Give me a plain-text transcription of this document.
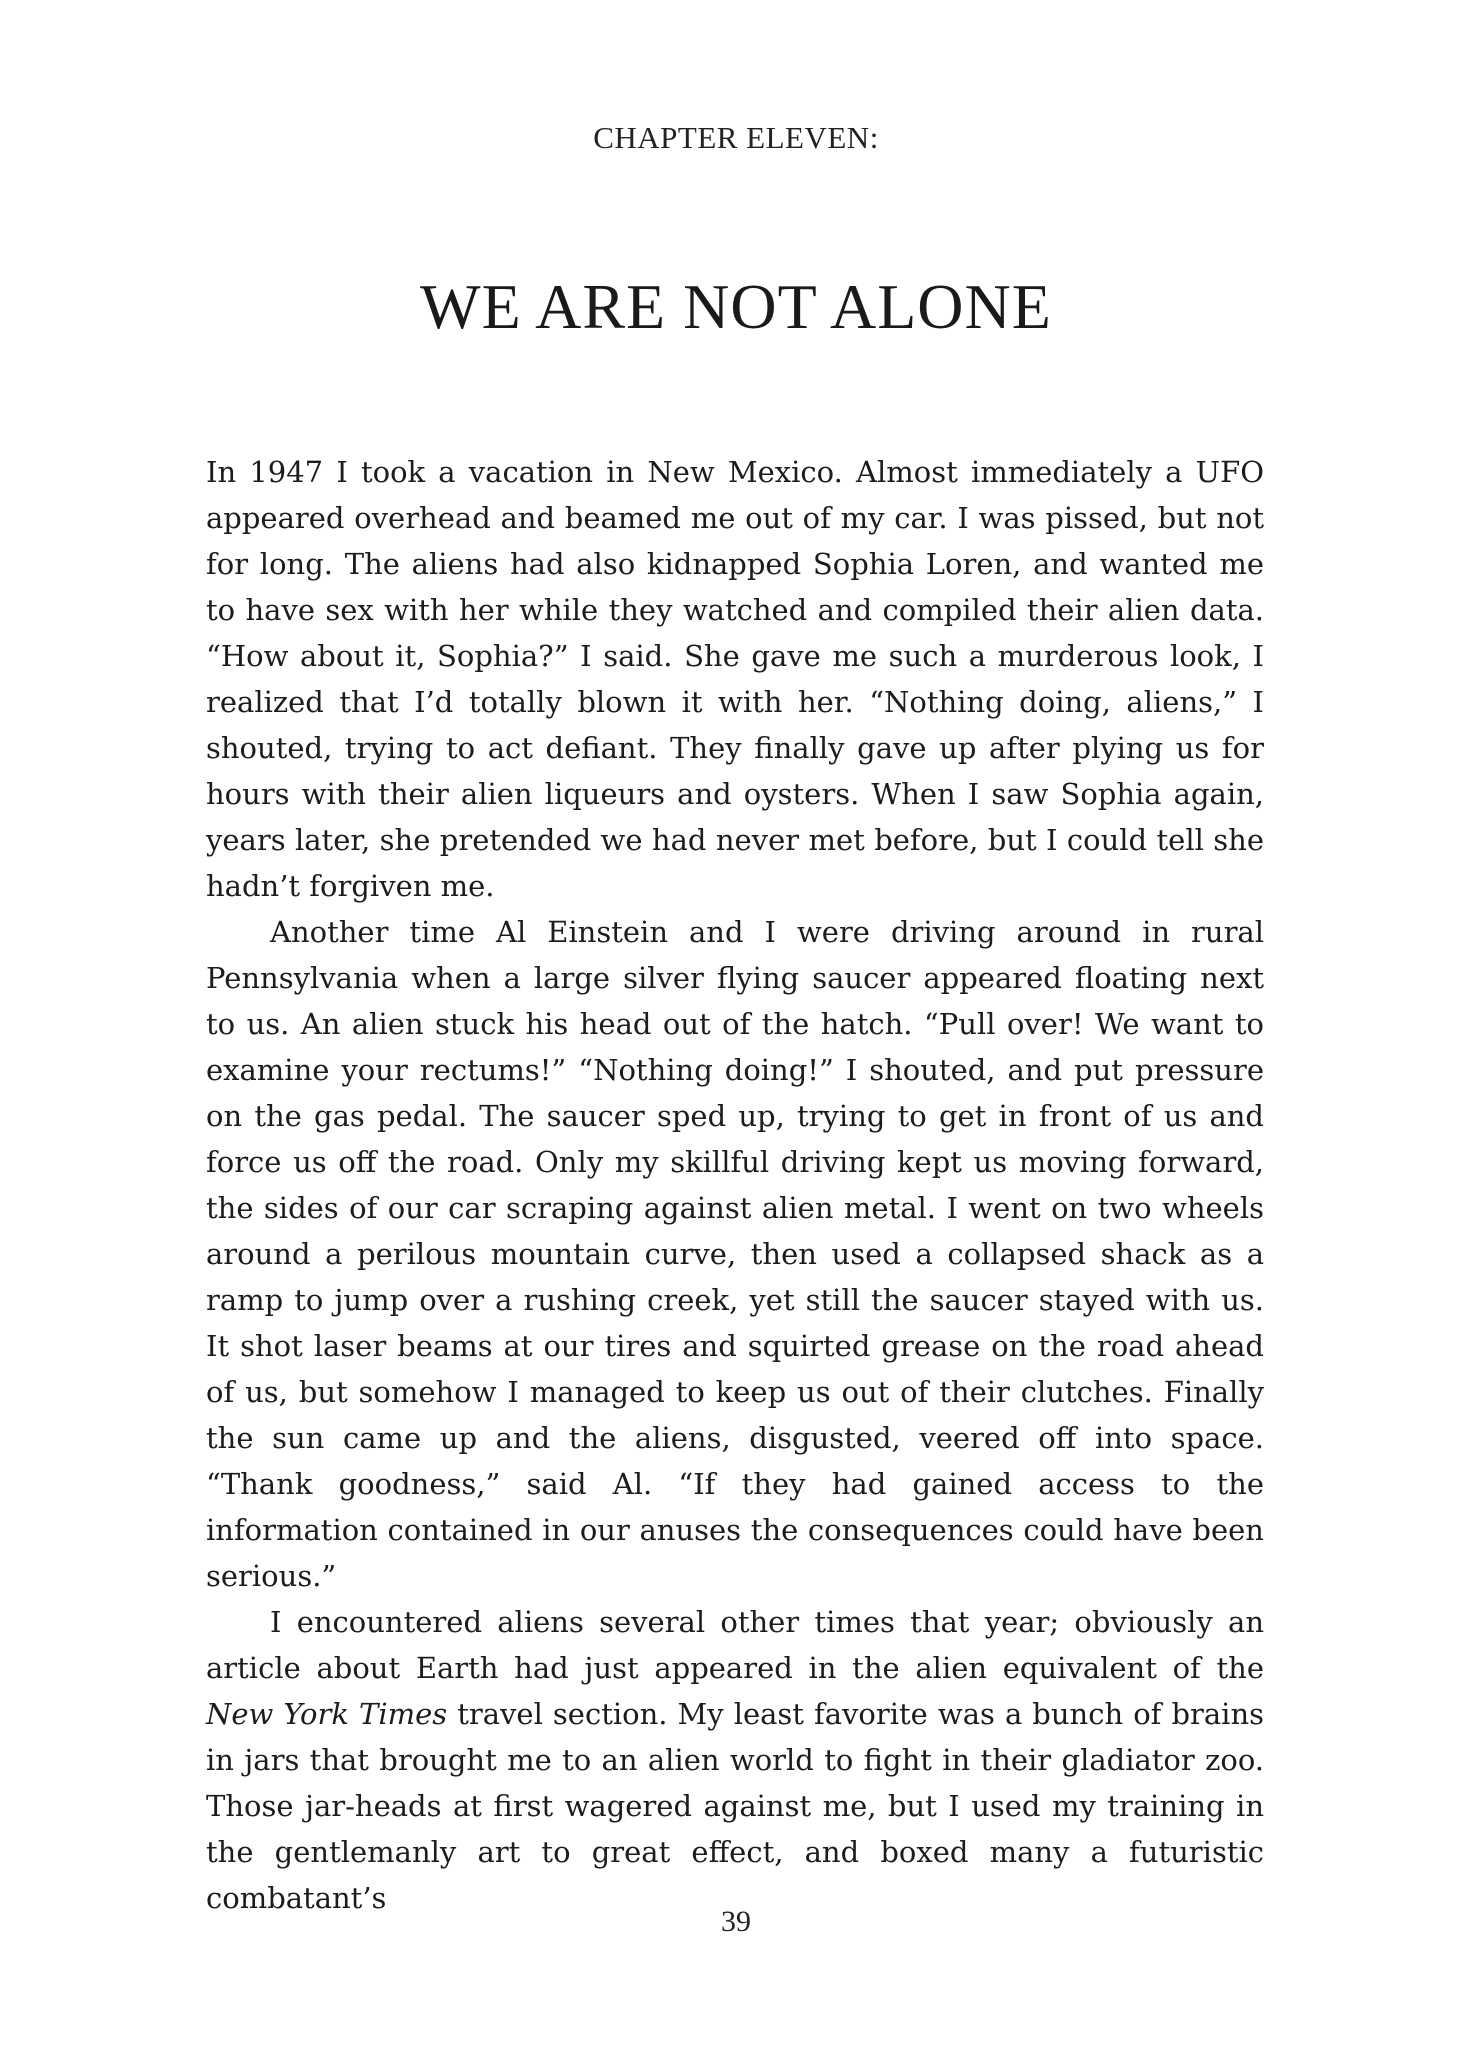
CHAPTER ELEVEN:
WE ARE NOT ALONE

In 1947 I took a vacation in New Mexico. Almost immediately a UFO appeared overhead and beamed me out of my car. I was pissed, but not for long. The aliens had also kidnapped Sophia Loren, and wanted me to have sex with her while they watched and compiled their alien data. “How about it, Sophia?” I said. She gave me such a murderous look, I realized that I’d totally blown it with her. “Nothing doing, aliens,” I shouted, trying to act defiant. They finally gave up after plying us for hours with their alien liqueurs and oysters. When I saw Sophia again, years later, she pretended we had never met before, but I could tell she hadn’t forgiven me.

Another time Al Einstein and I were driving around in rural Pennsylvania when a large silver flying saucer appeared floating next to us. An alien stuck his head out of the hatch. “Pull over! We want to examine your rectums!” “Nothing doing!” I shouted, and put pressure on the gas pedal. The saucer sped up, trying to get in front of us and force us off the road. Only my skillful driving kept us moving forward, the sides of our car scraping against alien metal. I went on two wheels around a perilous mountain curve, then used a collapsed shack as a ramp to jump over a rushing creek, yet still the saucer stayed with us. It shot laser beams at our tires and squirted grease on the road ahead of us, but somehow I managed to keep us out of their clutches. Finally the sun came up and the aliens, disgusted, veered off into space. “Thank goodness,” said Al. “If they had gained access to the information contained in our anuses the consequences could have been serious.”

I encountered aliens several other times that year; obviously an article about Earth had just appeared in the alien equivalent of the New York Times travel section. My least favorite was a bunch of brains in jars that brought me to an alien world to fight in their gladiator zoo. Those jar-heads at first wagered against me, but I used my training in the gentlemanly art to great effect, and boxed many a futuristic combatant’s

39
